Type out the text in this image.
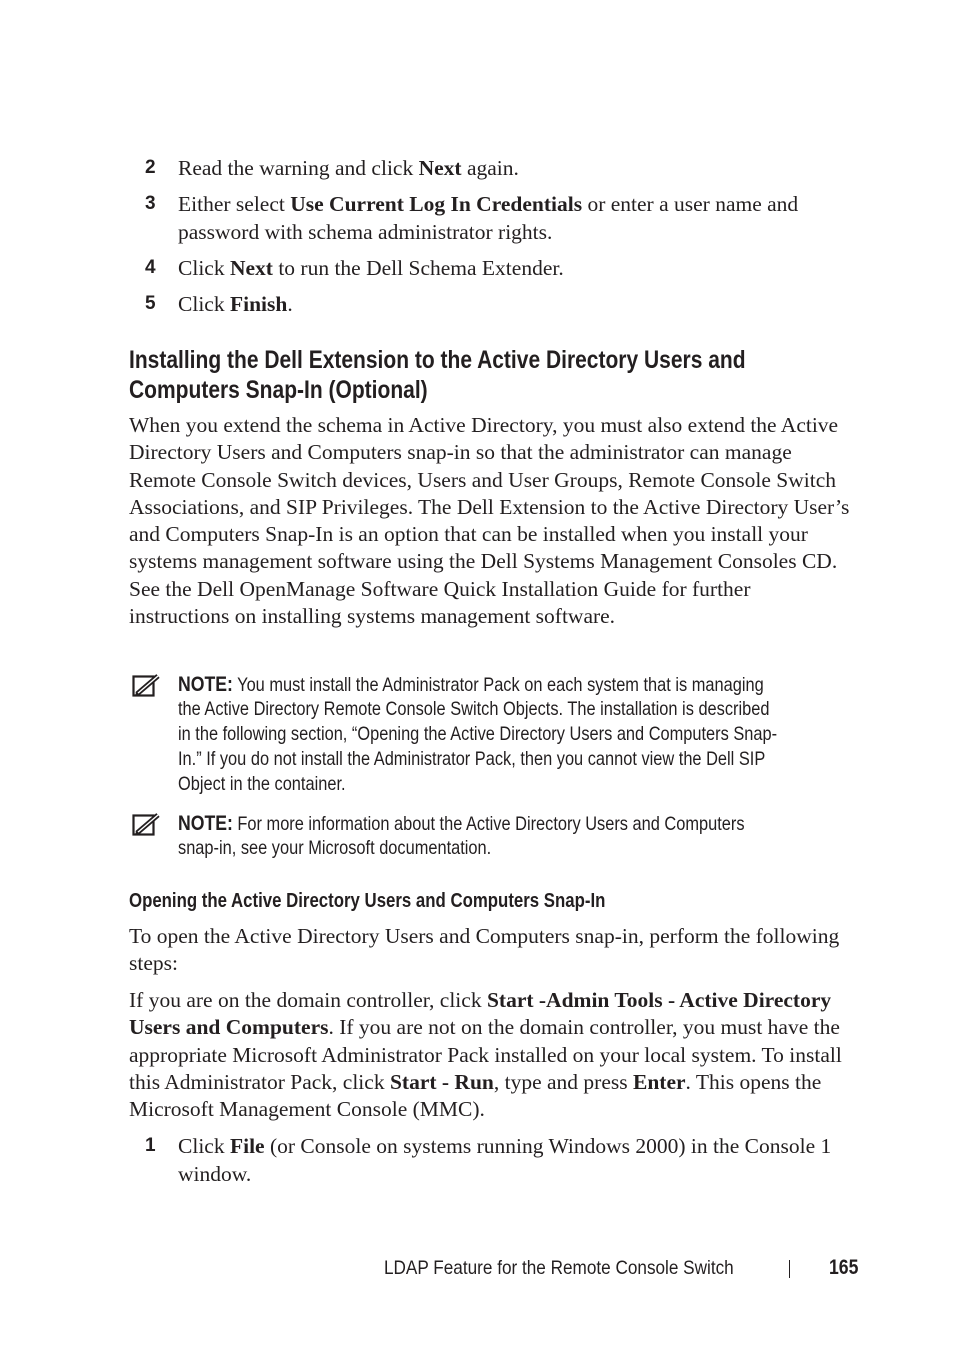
2 Read the warning and click Next again.
3 Either select Use Current Log In Credentials or enter a user name and password with schema administrator rights.
4 Click Next to run the Dell Schema Extender.
5 Click Finish.
Installing the Dell Extension to the Active Directory Users and
Computers Snap-In (Optional)
When you extend the schema in Active Directory, you must also extend the Active Directory Users and Computers snap-in so that the administrator can manage Remote Console Switch devices, Users and User Groups, Remote Console Switch Associations, and SIP Privileges. The Dell Extension to the Active Directory User’s and Computers Snap-In is an option that can be installed when you install your systems management software using the Dell Systems Management Consoles CD. See the Dell OpenManage Software Quick Installation Guide for further instructions on installing systems management software.
NOTE: You must install the Administrator Pack on each system that is managing
the Active Directory Remote Console Switch Objects. The installation is described
in the following section, “Opening the Active Directory Users and Computers Snap-
In.” If you do not install the Administrator Pack, then you cannot view the Dell SIP
Object in the container.
NOTE: For more information about the Active Directory Users and Computers
snap-in, see your Microsoft documentation.
Opening the Active Directory Users and Computers Snap-In
To open the Active Directory Users and Computers snap-in, perform the following steps:
If you are on the domain controller, click Start -Admin Tools - Active Directory Users and Computers. If you are not on the domain controller, you must have the appropriate Microsoft Administrator Pack installed on your local system. To install this Administrator Pack, click Start - Run, type and press Enter. This opens the Microsoft Management Console (MMC).
1 Click File (or Console on systems running Windows 2000) in the Console 1 window.
LDAP Feature for the Remote Console Switch	165
